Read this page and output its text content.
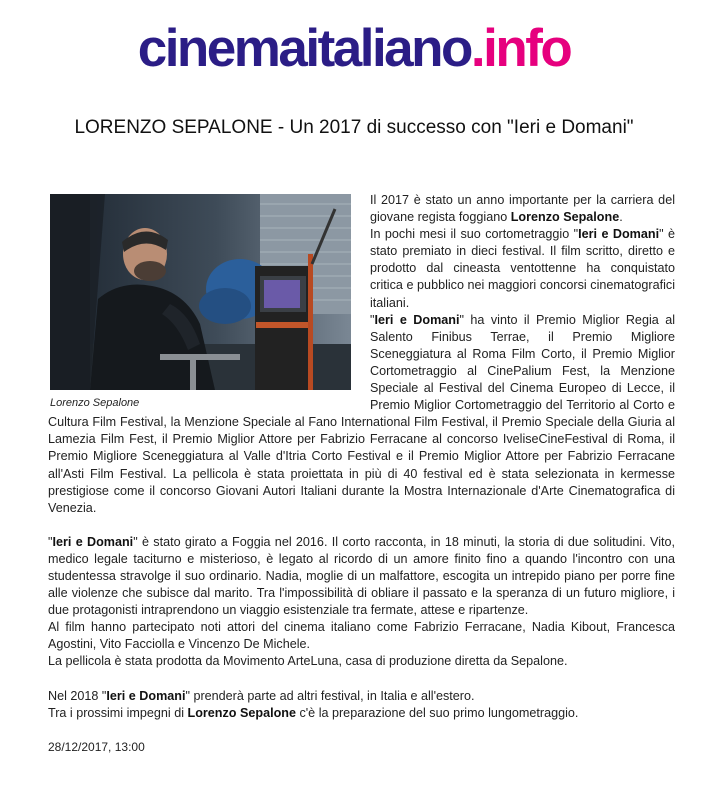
cinemaitaliano.info
LORENZO SEPALONE - Un 2017 di successo con "Ieri e Domani"
Lorenzo Sepalone

Il 2017 è stato un anno importante per la carriera del giovane regista foggiano Lorenzo Sepalone.

In pochi mesi il suo cortometraggio "Ieri e Domani" è stato premiato in dieci festival. Il film scritto, diretto e prodotto dal cineasta ventottenne ha conquistato critica e pubblico nei maggiori concorsi cinematografici italiani.

"Ieri e Domani" ha vinto il Premio Miglior Regia al Salento Finibus Terrae, il Premio Migliore Sceneggiatura al Roma Film Corto, il Premio Miglior Cortometraggio al CinePalium Fest, la Menzione Speciale al Festival del Cinema Europeo di Lecce, il Premio Miglior Cortometraggio del Territorio al Corto e Cultura Film Festival, la Menzione Speciale al Fano International Film Festival, il Premio Speciale della Giuria al Lamezia Film Fest, il Premio Miglior Attore per Fabrizio Ferracane al concorso IveliseCineFestival di Roma, il Premio Migliore Sceneggiatura al Valle d'Itria Corto Festival e il Premio Miglior Attore per Fabrizio Ferracane all'Asti Film Festival. La pellicola è stata proiettata in più di 40 festival ed è stata selezionata in kermesse prestigiose come il concorso Giovani Autori Italiani durante la Mostra Internazionale d'Arte Cinematografica di Venezia.

"Ieri e Domani" è stato girato a Foggia nel 2016. Il corto racconta, in 18 minuti, la storia di due solitudini. Vito, medico legale taciturno e misterioso, è legato al ricordo di un amore finito fino a quando l'incontro con una studentessa stravolge il suo ordinario. Nadia, moglie di un malfattore, escogita un intrepido piano per porre fine alle violenze che subisce dal marito. Tra l'impossibilità di obliare il passato e la speranza di un futuro migliore, i due protagonisti intraprendono un viaggio esistenziale tra fermate, attese e ripartenze.

Al film hanno partecipato noti attori del cinema italiano come Fabrizio Ferracane, Nadia Kibout, Francesca Agostini, Vito Facciolla e Vincenzo De Michele.

La pellicola è stata prodotta da Movimento ArteLuna, casa di produzione diretta da Sepalone.

Nel 2018 "Ieri e Domani" prenderà parte ad altri festival, in Italia e all'estero.

Tra i prossimi impegni di Lorenzo Sepalone c'è la preparazione del suo primo lungometraggio.

28/12/2017, 13:00
